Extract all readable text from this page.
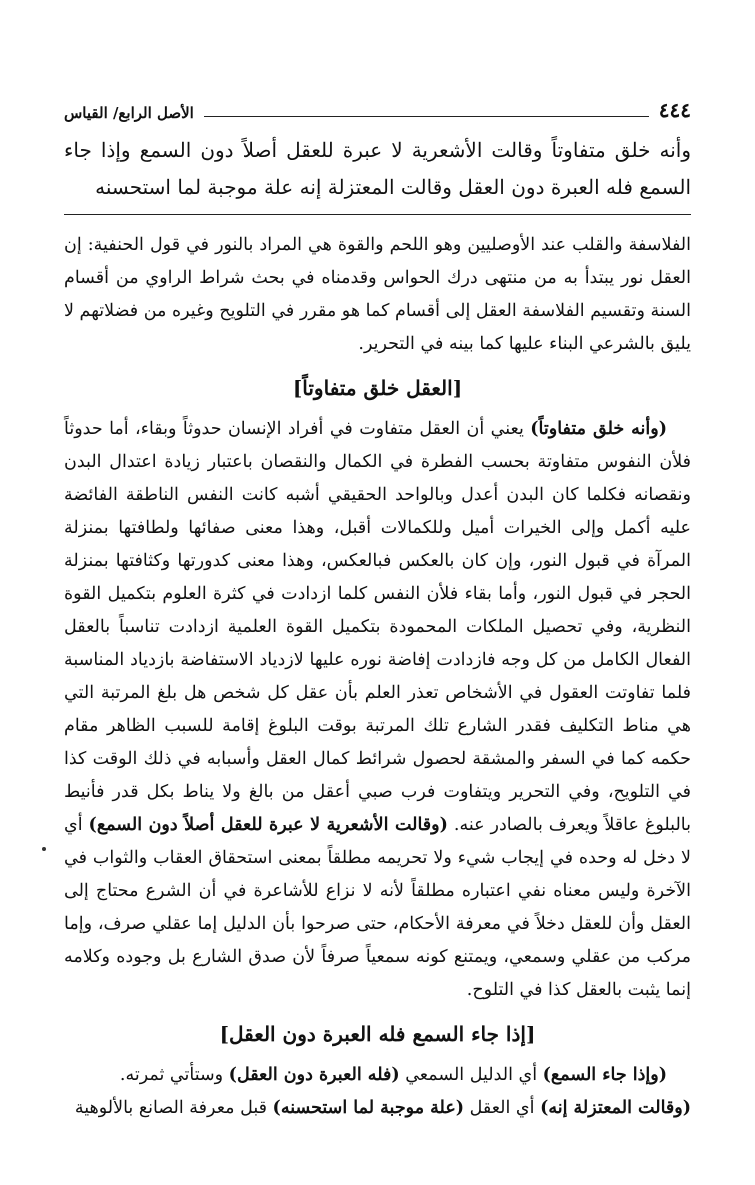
٤٤٤
الأصل الرابع/ القياس
وأنه خلق متفاوتاً وقالت الأشعرية لا عبرة للعقل أصلاً دون السمع وإذا جاء السمع فله العبرة دون العقل وقالت المعتزلة إنه علة موجبة لما استحسنه

الفلاسفة والقلب عند الأوصليين وهو اللحم والقوة هي المراد بالنور في قول الحنفية: إن العقل نور يبتدأ به من منتهى درك الحواس وقدمناه في بحث شراط الراوي من أقسام السنة وتقسيم الفلاسفة العقل إلى أقسام كما هو مقرر في التلويح وغيره من فضلاتهم لا يليق بالشرعي البناء عليها كما بينه في التحرير.

[العقل خلق متفاوتاً]

(وأنه خلق متفاوتاً) يعني أن العقل متفاوت في أفراد الإنسان حدوثاً وبقاء، أما حدوثاً فلأن النفوس متفاوتة بحسب الفطرة في الكمال والنقصان باعتبار زيادة اعتدال البدن ونقصانه فكلما كان البدن أعدل وبالواحد الحقيقي أشبه كانت النفس الناطقة الفائضة عليه أكمل وإلى الخيرات أميل وللكمالات أقبل، وهذا معنى صفائها ولطافتها بمنزلة المرآة في قبول النور، وإن كان بالعكس فبالعكس، وهذا معنى كدورتها وكثافتها بمنزلة الحجر في قبول النور، وأما بقاء فلأن النفس كلما ازدادت في كثرة العلوم بتكميل القوة النظرية، وفي تحصيل الملكات المحمودة بتكميل القوة العلمية ازدادت تناسباً بالعقل الفعال الكامل من كل وجه فازدادت إفاضة نوره عليها لازدياد الاستفاضة بازدياد المناسبة فلما تفاوتت العقول في الأشخاص تعذر العلم بأن عقل كل شخص هل بلغ المرتبة التي هي مناط التكليف فقدر الشارع تلك المرتبة بوقت البلوغ إقامة للسبب الظاهر مقام حكمه كما في السفر والمشقة لحصول شرائط كمال العقل وأسبابه في ذلك الوقت كذا في التلويح، وفي التحرير ويتفاوت فرب صبي أعقل من بالغ ولا يناط بكل قدر فأنيط بالبلوغ عاقلاً ويعرف بالصادر عنه. (وقالت الأشعرية لا عبرة للعقل أصلاً دون السمع) أي لا دخل له وحده في إيجاب شيء ولا تحريمه مطلقاً بمعنى استحقاق العقاب والثواب في الآخرة وليس معناه نفي اعتباره مطلقاً لأنه لا نزاع للأشاعرة في أن الشرع محتاج إلى العقل وأن للعقل دخلاً في معرفة الأحكام، حتى صرحوا بأن الدليل إما عقلي صرف، وإما مركب من عقلي وسمعي، ويمتنع كونه سمعياً صرفاً لأن صدق الشارع بل وجوده وكلامه إنما يثبت بالعقل كذا في التلوح.

[إذا جاء السمع فله العبرة دون العقل]

(وإذا جاء السمع) أي الدليل السمعي (فله العبرة دون العقل) وستأتي ثمرته.

(وقالت المعتزلة إنه) أي العقل (علة موجبة لما استحسنه) قبل معرفة الصانع بالألوهية
